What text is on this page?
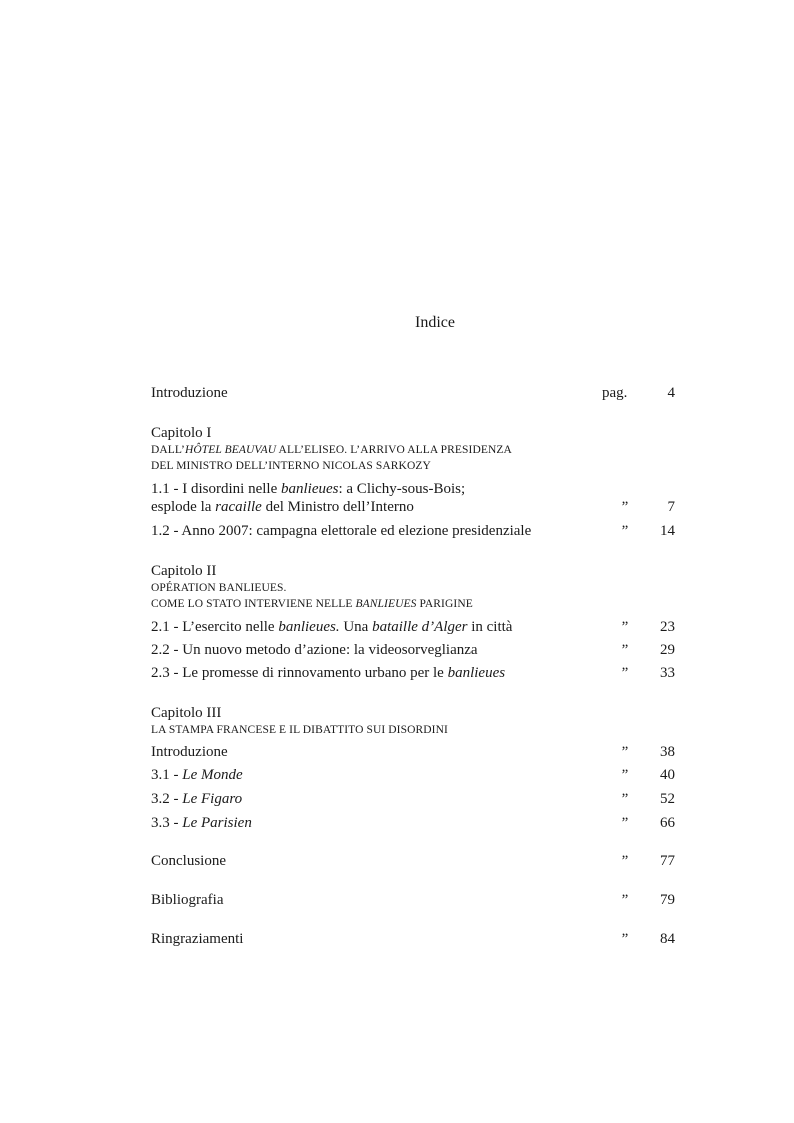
Indice
Introduzione	pag.	4
Capitolo I
DALL’HÔTEL BEAUVAU ALL’ELISEO. L’ARRIVO ALLA PRESIDENZA
DEL MINISTRO DELL’INTERNO NICOLAS SARKOZY
1.1 - I disordini nelle banlieues: a Clichy-sous-Bois;
esplode la racaille del Ministro dell’Interno	”	7
1.2 - Anno 2007: campagna elettorale ed elezione presidenziale	”	14
Capitolo II
OPÉRATION BANLIEUES.
COME LO STATO INTERVIENE NELLE BANLIEUES PARIGINE
2.1 - L’esercito nelle banlieues. Una bataille d’Alger in città	”	23
2.2 - Un nuovo metodo d’azione: la videosorveglianza	”	29
2.3 - Le promesse di rinnovamento urbano per le banlieues	”	33
Capitolo III
LA STAMPA FRANCESE E IL DIBATTITO SUI DISORDINI
Introduzione	”	38
3.1 - Le Monde	”	40
3.2 - Le Figaro	”	52
3.3 - Le Parisien	”	66
Conclusione	”	77
Bibliografia	”	79
Ringraziamenti	”	84
